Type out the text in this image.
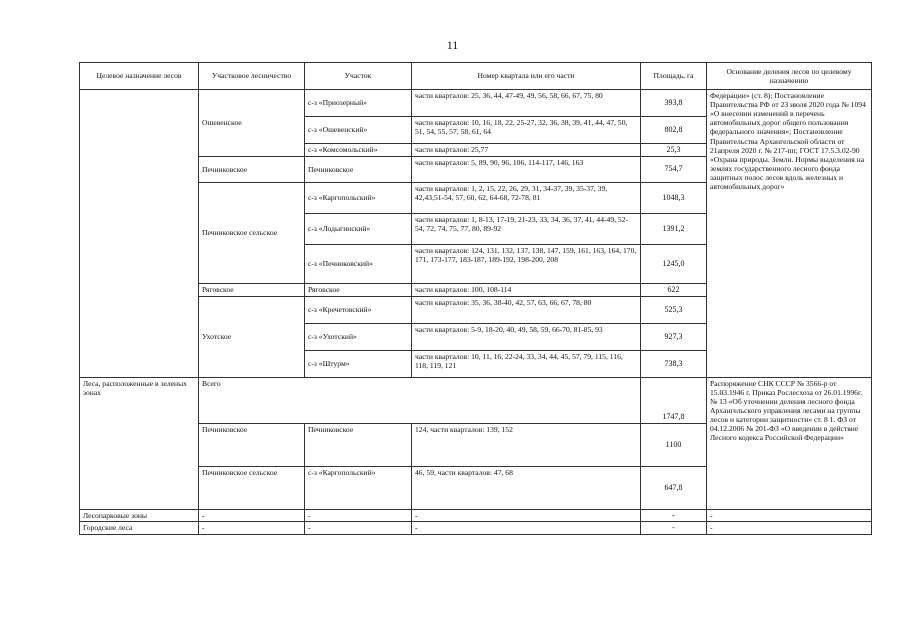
11
Целевое назначение лесов	Участковое лесничество	Участок	Номер квартала или его части	Площадь, га	Основание деления лесов по целевому назначению
	Ошевенское	с-з «Приозерный»	части кварталов: 25, 36, 44, 47-49, 49, 56, 58, 66, 67, 75, 80	393,8	Федерации» (ст. 8); Постановление Правительства РФ от 23 июля 2020 года № 1094 «О внесении изменений в перечень автомобильных дорог общего пользования федерального значения»; Постановление Правительства Архангельской области от 21апреля 2020 г. № 217-пп; ГОСТ 17.5.3.02-90 «Охрана природы. Земли. Нормы выделения на землях государственного лесного фонда защитных полос лесов вдоль железных и автомобильных дорог»
		с-з «Ошевенский»	части кварталов: 10, 16, 18, 22, 25-27, 32, 36, 38, 39, 41, 44, 47, 50, 51, 54, 55, 57, 58, 61, 64	802,8	
		с-з «Комсомольский»	части кварталов: 25,77	25,3	
	Печниковское	Печниковское	части кварталов: 5, 89, 90, 96, 106, 114-117, 146, 163	754,7	
	Печниковское сельское	с-з «Каргопольский»	части кварталов: 1, 2, 15, 22, 26, 29, 31, 34-37, 39, 35-37, 39, 42,43,51-54, 57, 60, 62, 64-68, 72-78, 81	1048,3	
		с-з «Лодыгинский»	части кварталов: 1, 8-13, 17-19, 21-23, 33, 34, 36, 37, 41, 44-49, 52-54, 72, 74, 75, 77, 80, 89-92	1391,2	
		с-з «Печниковский»	части кварталов: 124, 131, 132, 137, 138, 147, 159, 161, 163, 164, 170, 171, 173-177, 183-187, 189-192, 198-200, 208	1245,0	
	Ряговское	Ряговское	части кварталов: 100, 108-114	622	
	Ухотское	с-з «Кречетовский»	части кварталов: 35, 36, 38-40, 42, 57, 63, 66, 67, 78, 80	525,3	
		с-з «Ухотский»	части кварталов: 5-9, 18-20, 40, 49, 58, 59, 66-70, 81-85, 93	927,3	
		с-з «Штурм»	части кварталов: 10, 11, 16, 22-24, 33, 34, 44, 45, 57, 79, 115, 116, 118, 119, 121	738,3	
Леса, расположенные в зеленых зонах	Всего			1747,8	Распоряжение СНК СССР № 3566-р от 15.03.1946 г. Приказ Рослесхоза от 26.01.1996г. № 13 «Об уточнении деления лесного фонда Архангельского управления лесами на группы лесов и категории защитности» ст. 8 1. ФЗ от 04.12.2006 № 201-ФЗ «О введении в действие Лесного кодекса Российской Федерации»
	Печниковское	Печниковское	124, части кварталов: 139, 152	1100	
	Печниковское сельское	с-з «Каргопольский»	46, 59, части кварталов: 47, 68	647,8	
Лесопарковые зоны	-	-	-	-	-
Городские леса	-	-	-	-	-
